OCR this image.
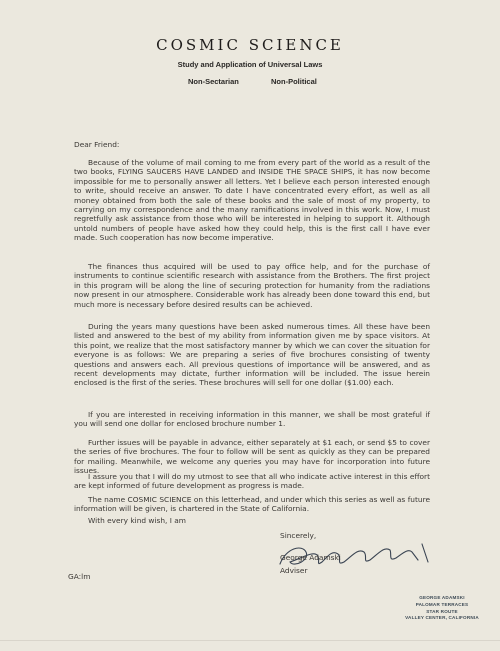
COSMIC SCIENCE
Study and Application of Universal Laws
Non-Sectarian	Non-Political
Dear Friend:
Because of the volume of mail coming to me from every part of the world as a result of the two books, FLYING SAUCERS HAVE LANDED and INSIDE THE SPACE SHIPS, it has now become impossible for me to personally answer all letters. Yet I believe each person interested enough to write, should receive an answer. To date I have concentrated every effort, as well as all money obtained from both the sale of these books and the sale of most of my property, to carrying on my correspondence and the many ramifications involved in this work. Now, I must regretfully ask assistance from those who will be interested in helping to support it. Although untold numbers of people have asked how they could help, this is the first call I have ever made. Such cooperation has now become imperative.
The finances thus acquired will be used to pay office help, and for the purchase of instruments to continue scientific research with assistance from the Brothers. The first project in this program will be along the line of securing protection for humanity from the radiations now present in our atmosphere. Considerable work has already been done toward this end, but much more is necessary before desired results can be achieved.
During the years many questions have been asked numerous times. All these have been listed and answered to the best of my ability from information given me by space visitors. At this point, we realize that the most satisfactory manner by which we can cover the situation for everyone is as follows: We are preparing a series of five brochures consisting of twenty questions and answers each. All previous questions of importance will be answered, and as recent developments may dictate, further information will be included. The issue herein enclosed is the first of the series. These brochures will sell for one dollar ($1.00) each.
If you are interested in receiving information in this manner, we shall be most grateful if you will send one dollar for enclosed brochure number 1.
Further issues will be payable in advance, either separately at $1 each, or send $5 to cover the series of five brochures. The four to follow will be sent as quickly as they can be prepared for mailing. Meanwhile, we welcome any queries you may have for incorporation into future issues.
I assure you that I will do my utmost to see that all who indicate active interest in this effort are kept informed of future development as progress is made.
The name COSMIC SCIENCE on this letterhead, and under which this series as well as future information will be given, is chartered in the State of California.
With every kind wish, I am
Sincerely,
George Adamski
Adviser
GA:lm
GEORGE ADAMSKI
PALOMAR TERRACES
STAR ROUTE
VALLEY CENTER, CALIFORNIA
